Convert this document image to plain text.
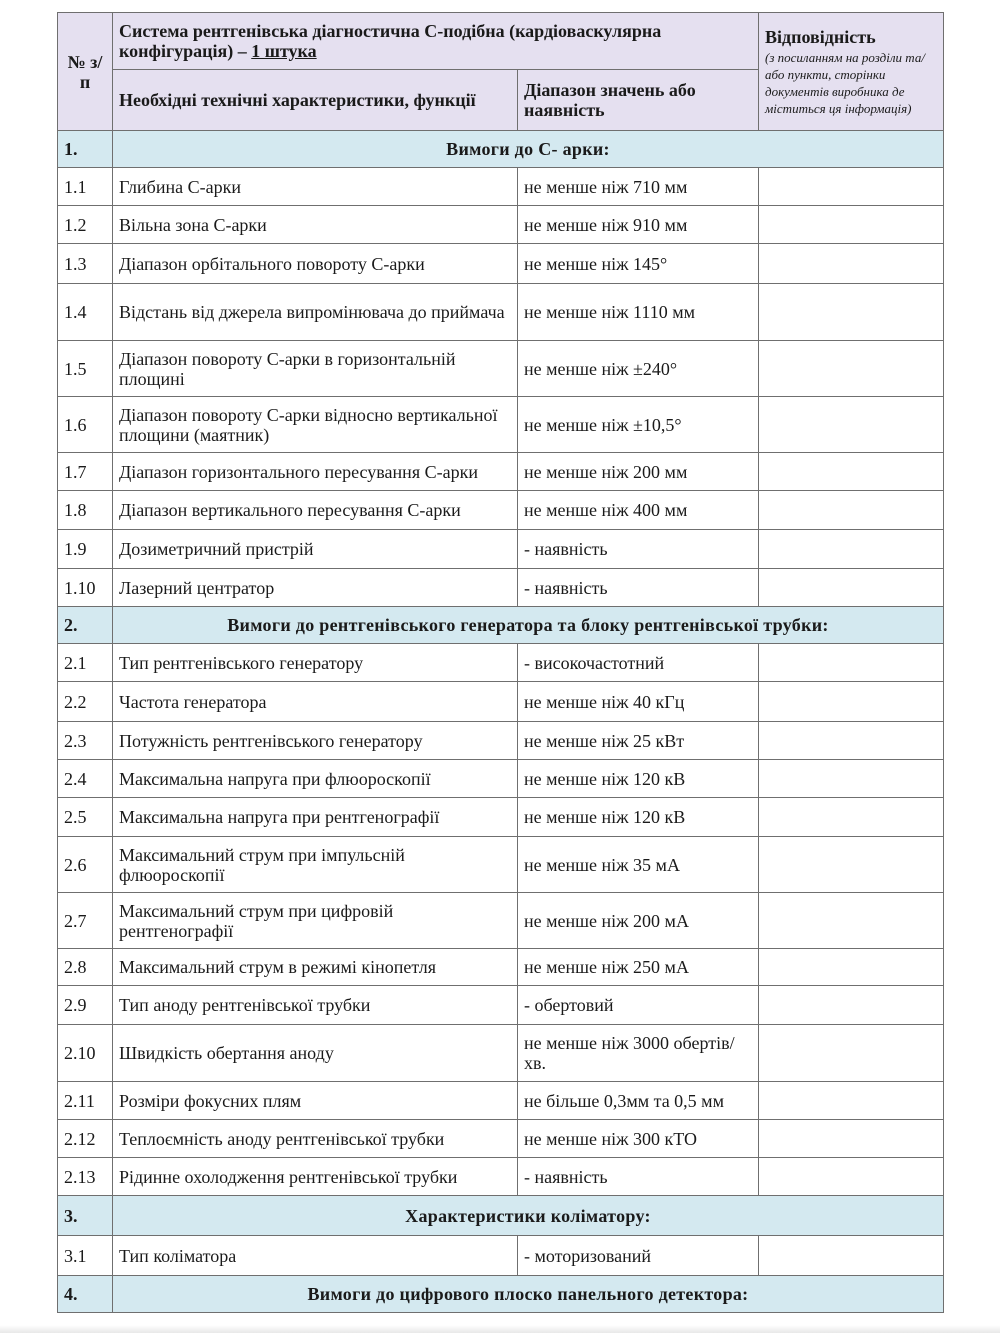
№ з/п	Система рентгенівська діагностична С-подібна (кардіоваскулярна конфігурація) – 1 штука		Відповідність
(з посиланням на розділи та/або пункти, сторінки документів виробника де міститься ця інформація)

	Необхідні технічні характеристики, функції	Діапазон значень або наявність	
1.	Вимоги до С- арки:		
1.1	Глибина С-арки	не менше ніж 710 мм	
1.2	Вільна зона С-арки	не менше ніж 910 мм	
1.3	Діапазон орбітального повороту С-арки	не менше ніж 145°	
1.4	Відстань від джерела випромінювача до приймача	не менше ніж 1110 мм	
1.5	Діапазон повороту С-арки в горизонтальній площині	не менше ніж ±240°	
1.6	Діапазон повороту С-арки відносно вертикальної площини (маятник)	не менше ніж ±10,5°	
1.7	Діапазон горизонтального пересування С-арки	не менше ніж 200 мм	
1.8	Діапазон вертикального пересування С-арки	не менше ніж 400 мм	
1.9	Дозиметричний пристрій	- наявність	
1.10	Лазерний центратор	- наявність	
2.	Вимоги до рентгенівського генератора та блоку рентгенівської трубки:		
2.1	Тип рентгенівського генератору	- високочастотний	
2.2	Частота генератора	не менше ніж 40 кГц	
2.3	Потужність рентгенівського генератору	не менше ніж 25 кВт	
2.4	Максимальна напруга при флюороскопії	не менше ніж 120 кВ	
2.5	Максимальна напруга при рентгенографії	не менше ніж 120 кВ	
2.6	Максимальний струм при імпульсній флюороскопії	не менше ніж 35 мА	
2.7	Максимальний струм при цифровій рентгенографії	не менше ніж 200 мА	
2.8	Максимальний струм в режимі кінопетля	не менше ніж 250 мА	
2.9	Тип аноду рентгенівської трубки	- обертовий	
2.10	Швидкість обертання аноду	не менше ніж 3000 обертів/хв.	
2.11	Розміри фокусних плям	не більше 0,3мм та 0,5 мм	
2.12	Теплоємність аноду рентгенівської трубки	не менше ніж 300 кТО	
2.13	Рідинне охолодження рентгенівської трубки	- наявність	
3.	Характеристики коліматору:		
3.1	Тип коліматора	- моторизований	
4.	Вимоги до цифрового плоско панельного детектора:		
